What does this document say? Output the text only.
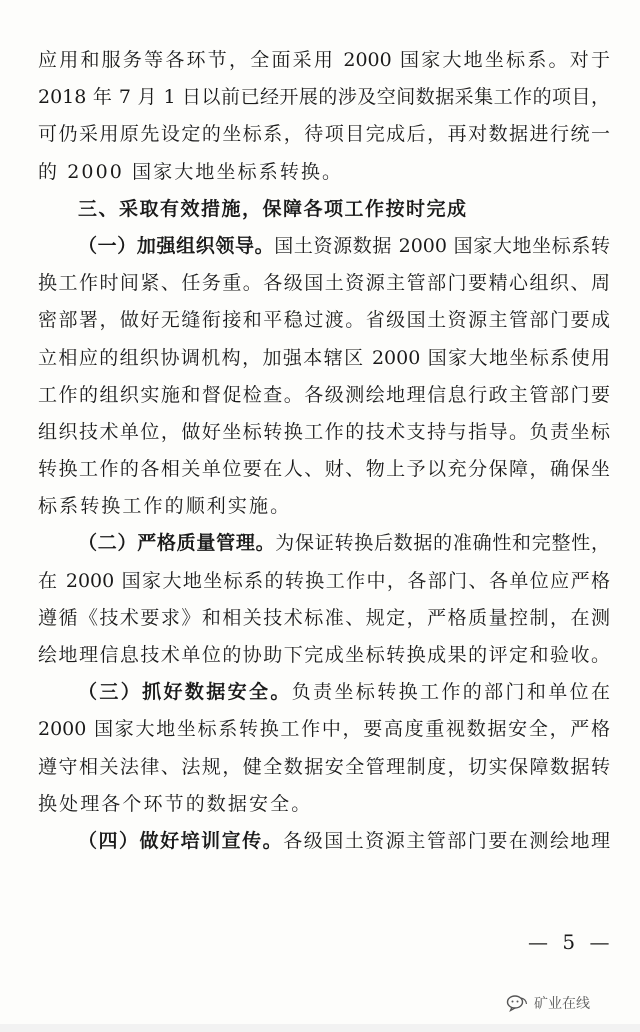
应用和服务等各环节，全面采用 2000 国家大地坐标系。对于
2018 年 7 月 1 日以前已经开展的涉及空间数据采集工作的项目，
可仍采用原先设定的坐标系，待项目完成后，再对数据进行统一
的 2000 国家大地坐标系转换。
三、采取有效措施，保障各项工作按时完成
（一）加强组织领导。国土资源数据 2000 国家大地坐标系转
换工作时间紧、任务重。各级国土资源主管部门要精心组织、周
密部署，做好无缝衔接和平稳过渡。省级国土资源主管部门要成
立相应的组织协调机构，加强本辖区 2000 国家大地坐标系使用
工作的组织实施和督促检查。各级测绘地理信息行政主管部门要
组织技术单位，做好坐标转换工作的技术支持与指导。负责坐标
转换工作的各相关单位要在人、财、物上予以充分保障，确保坐
标系转换工作的顺利实施。
（二）严格质量管理。为保证转换后数据的准确性和完整性，
在 2000 国家大地坐标系的转换工作中，各部门、各单位应严格
遵循《技术要求》和相关技术标准、规定，严格质量控制，在测
绘地理信息技术单位的协助下完成坐标转换成果的评定和验收。
（三）抓好数据安全。负责坐标转换工作的部门和单位在
2000 国家大地坐标系转换工作中，要高度重视数据安全，严格
遵守相关法律、法规，健全数据安全管理制度，切实保障数据转
换处理各个环节的数据安全。
（四）做好培训宣传。各级国土资源主管部门要在测绘地理
— 5 —
矿业在线
